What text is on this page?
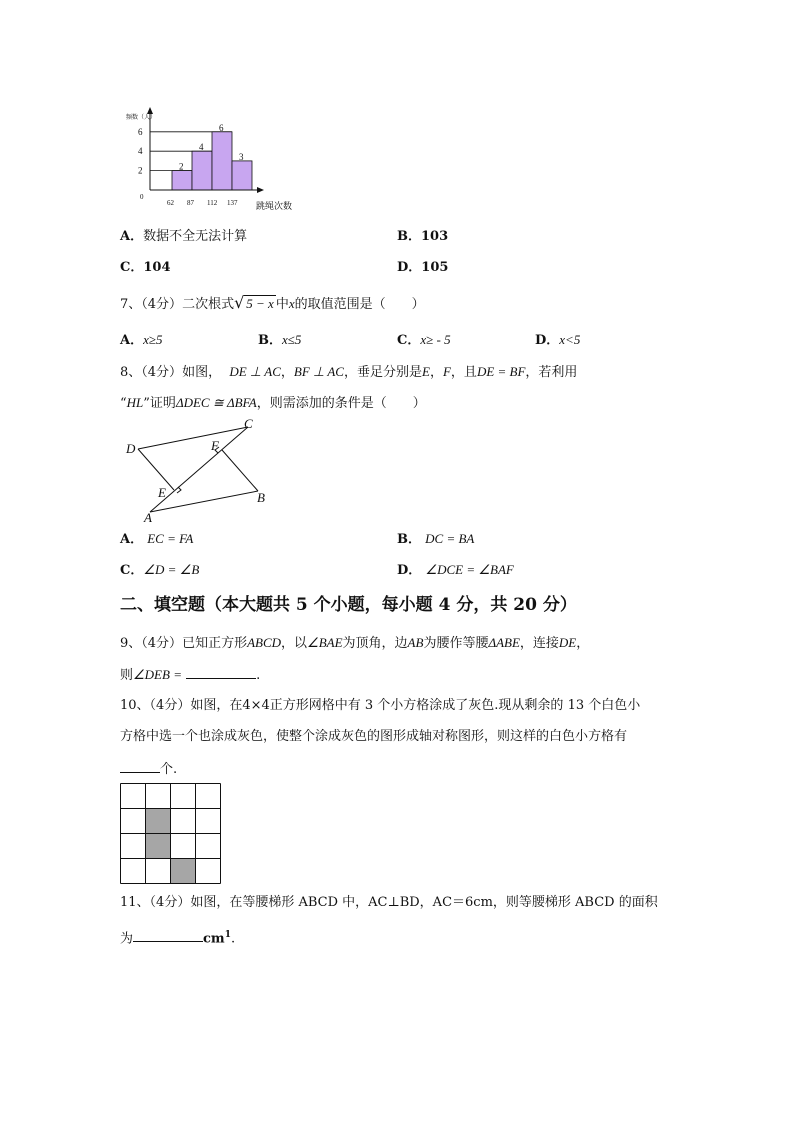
2
4
6
3
2
4
6
0
62 87 112 137
频数（人）
跳绳次数
A．数据不全无法计算	B．103
C．104	D．105
7、（4分）二次根式√ 5 − x 中x的取值范围是（　　）
A．x≥5	B．x≤5	C．x≥ - 5	D．x<5
8、（4分）如图， DE ⊥ AC，BF ⊥ AC，垂足分别是E，F，且DE = BF，若利用
“HL”证明ΔDEC ≅ ΔBFA，则需添加的条件是（　　）
D
C
F
E	B
A
A． EC = FA	B． DC = BA
C．∠D = ∠B	D． ∠DCE = ∠BAF
二、填空题（本大题共 5 个小题，每小题 4 分，共 20 分）
9、（4分）已知正方形ABCD，以∠BAE为顶角，边AB为腰作等腰ΔABE，连接DE，
则∠DEB =	.
10、（4分）如图，在4×4正方形网格中有 3 个小方格涂成了灰色.现从剩余的 13 个白色小
方格中选一个也涂成灰色，使整个涂成灰色的图形成轴对称图形，则这样的白色小方格有
个.
11、（4分）如图，在等腰梯形 ABCD 中，AC⊥BD，AC＝6cm，则等腰梯形 ABCD 的面积
为	$cm^1$.
